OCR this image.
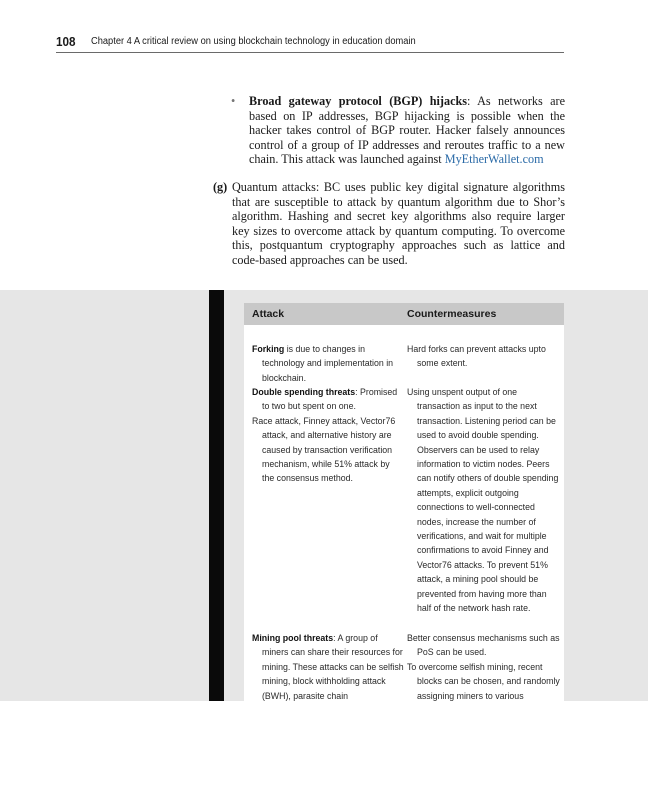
108 Chapter 4 A critical review on using blockchain technology in education domain
• Broad gateway protocol (BGP) hijacks: As networks are based on IP addresses, BGP hijacking is possible when the hacker takes control of BGP router. Hacker falsely announces control of a group of IP addresses and reroutes traffic to a new chain. This attack was launched against MyEtherWallet.com
(g) Quantum attacks: BC uses public key digital signature algorithms that are susceptible to attack by quantum algorithm due to Shor’s algorithm. Hashing and secret key algorithms also require larger key sizes to overcome attack by quantum computing. To overcome this, postquantum cryptography approaches such as lattice and code-based approaches can be used.
Attack	Countermeasures

Forking is due to changes in technology and implementation in blockchain.

Hard forks can prevent attacks upto some extent.

Double spending threats: Promised to two but spent on one.

Race attack, Finney attack, Vector76 attack, and alternative history are caused by transaction verification mechanism, while 51% attack by the consensus method.

Using unspent output of one transaction as input to the next transaction. Listening period can be used to avoid double spending. Observers can be used to relay information to victim nodes. Peers can notify others of double spending attempts, explicit outgoing connections to well-connected nodes, increase the number of verifications, and wait for multiple confirmations to avoid Finney and Vector76 attacks. To prevent 51% attack, a mining pool should be prevented from having more than half of the network hash rate.

Mining pool threats: A group of miners can share their resources for mining. These attacks can be selfish mining, block withholding attack (BWH), parasite chain

Better consensus mechanisms such as PoS can be used.

To overcome selfish mining, recent blocks can be chosen, and randomly assigning miners to various
